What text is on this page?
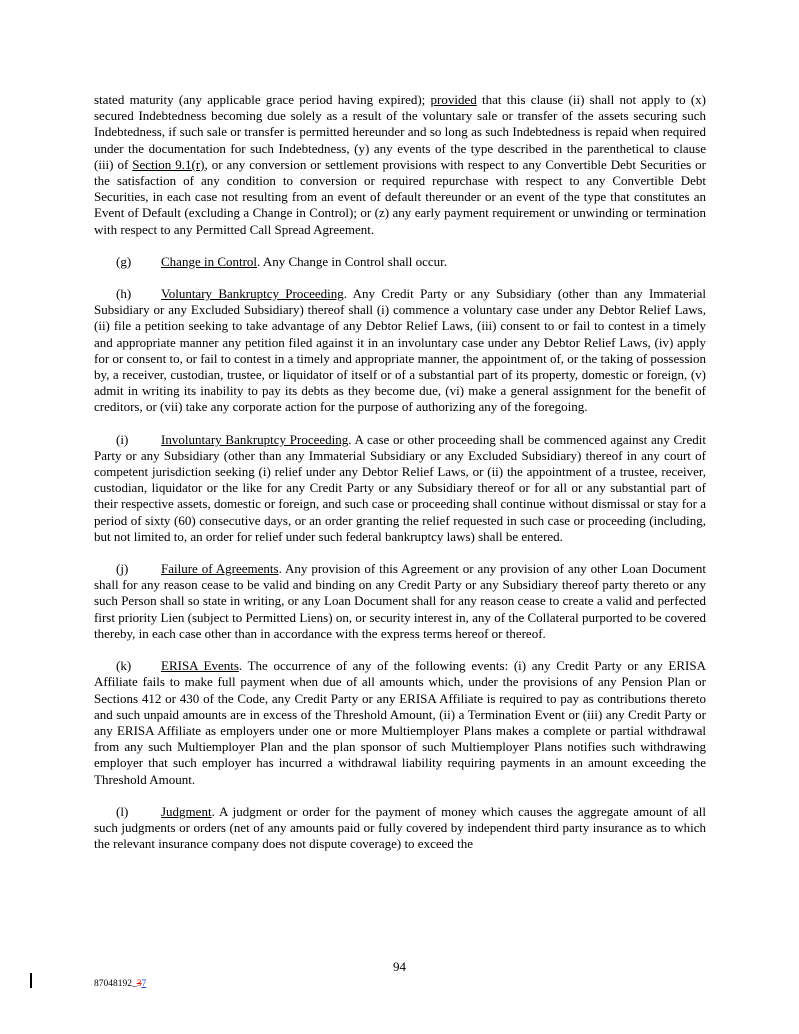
stated maturity (any applicable grace period having expired); provided that this clause (ii) shall not apply to (x) secured Indebtedness becoming due solely as a result of the voluntary sale or transfer of the assets securing such Indebtedness, if such sale or transfer is permitted hereunder and so long as such Indebtedness is repaid when required under the documentation for such Indebtedness, (y) any events of the type described in the parenthetical to clause (iii) of Section 9.1(r), or any conversion or settlement provisions with respect to any Convertible Debt Securities or the satisfaction of any condition to conversion or required repurchase with respect to any Convertible Debt Securities, in each case not resulting from an event of default thereunder or an event of the type that constitutes an Event of Default (excluding a Change in Control); or (z) any early payment requirement or unwinding or termination with respect to any Permitted Call Spread Agreement.

(g) Change in Control. Any Change in Control shall occur.

(h) Voluntary Bankruptcy Proceeding. Any Credit Party or any Subsidiary (other than any Immaterial Subsidiary or any Excluded Subsidiary) thereof shall (i) commence a voluntary case under any Debtor Relief Laws, (ii) file a petition seeking to take advantage of any Debtor Relief Laws, (iii) consent to or fail to contest in a timely and appropriate manner any petition filed against it in an involuntary case under any Debtor Relief Laws, (iv) apply for or consent to, or fail to contest in a timely and appropriate manner, the appointment of, or the taking of possession by, a receiver, custodian, trustee, or liquidator of itself or of a substantial part of its property, domestic or foreign, (v) admit in writing its inability to pay its debts as they become due, (vi) make a general assignment for the benefit of creditors, or (vii) take any corporate action for the purpose of authorizing any of the foregoing.

(i)	Involuntary Bankruptcy Proceeding. A case or other proceeding shall be commenced against any Credit Party or any Subsidiary (other than any Immaterial Subsidiary or any Excluded Subsidiary) thereof in any court of competent jurisdiction seeking (i) relief under any Debtor Relief Laws, or (ii) the appointment of a trustee, receiver, custodian, liquidator or the like for any Credit Party or any Subsidiary thereof or for all or any substantial part of their respective assets, domestic or foreign, and such case or proceeding shall continue without dismissal or stay for a period of sixty (60) consecutive days, or an order granting the relief requested in such case or proceeding (including, but not limited to, an order for relief under such federal bankruptcy laws) shall be entered.

(j)	Failure of Agreements. Any provision of this Agreement or any provision of any other Loan Document shall for any reason cease to be valid and binding on any Credit Party or any Subsidiary thereof party thereto or any such Person shall so state in writing, or any Loan Document shall for any reason cease to create a valid and perfected first priority Lien (subject to Permitted Liens) on, or security interest in, any of the Collateral purported to be covered thereby, in each case other than in accordance with the express terms hereof or thereof.

(k) ERISA Events. The occurrence of any of the following events: (i) any Credit Party or any ERISA Affiliate fails to make full payment when due of all amounts which, under the provisions of any Pension Plan or Sections 412 or 430 of the Code, any Credit Party or any ERISA Affiliate is required to pay as contributions thereto and such unpaid amounts are in excess of the Threshold Amount, (ii) a Termination Event or (iii) any Credit Party or any ERISA Affiliate as employers under one or more Multiemployer Plans makes a complete or partial withdrawal from any such Multiemployer Plan and the plan sponsor of such Multiemployer Plans notifies such withdrawing employer that such employer has incurred a withdrawal liability requiring payments in an amount exceeding the Threshold Amount.

(l)	Judgment. A judgment or order for the payment of money which causes the aggregate amount of all such judgments or orders (net of any amounts paid or fully covered by independent third party insurance as to which the relevant insurance company does not dispute coverage) to exceed the

94
87048192_37
